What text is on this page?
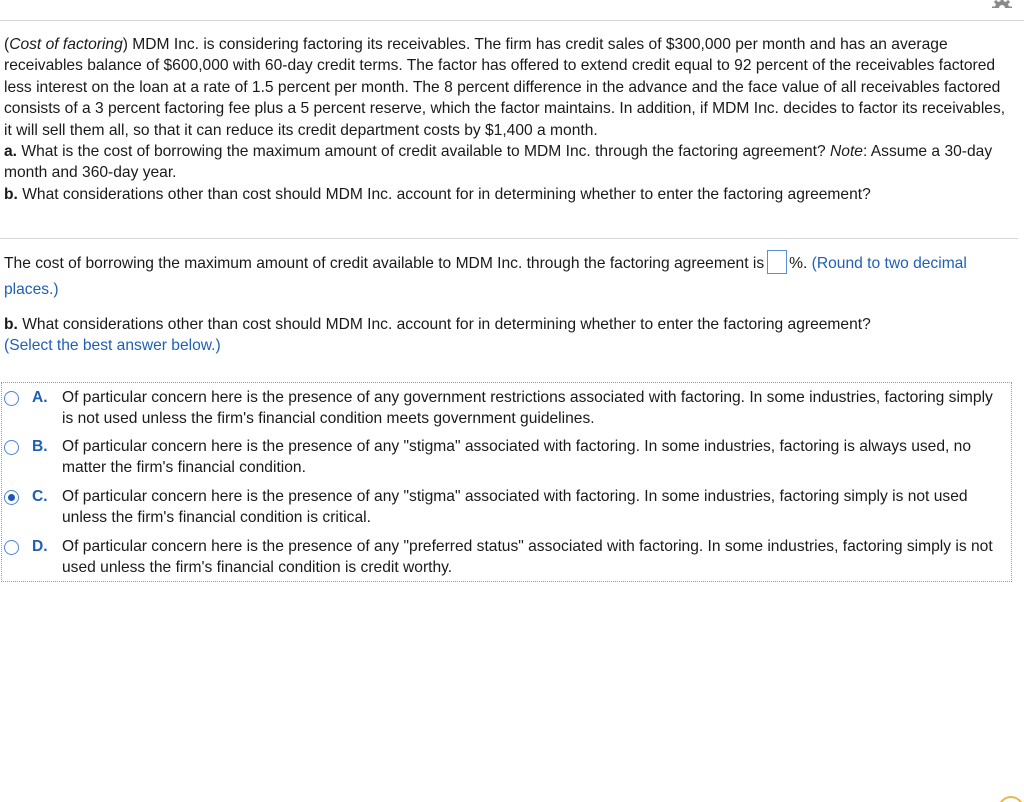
(Cost of factoring) MDM Inc. is considering factoring its receivables. The firm has credit sales of $300,000 per month and has an average receivables balance of $600,000 with 60-day credit terms. The factor has offered to extend credit equal to 92 percent of the receivables factored less interest on the loan at a rate of 1.5 percent per month. The 8 percent difference in the advance and the face value of all receivables factored consists of a 3 percent factoring fee plus a 5 percent reserve, which the factor maintains. In addition, if MDM Inc. decides to factor its receivables, it will sell them all, so that it can reduce its credit department costs by $1,400 a month.

a. What is the cost of borrowing the maximum amount of credit available to MDM Inc. through the factoring agreement? Note: Assume a 30-day month and 360-day year.

b. What considerations other than cost should MDM Inc. account for in determining whether to enter the factoring agreement?

The cost of borrowing the maximum amount of credit available to MDM Inc. through the factoring agreement is %. (Round to two decimal places.)
b. What considerations other than cost should MDM Inc. account for in determining whether to enter the factoring agreement?
(Select the best answer below.)
A. Of particular concern here is the presence of any government restrictions associated with factoring. In some industries, factoring simply is not used unless the firm's financial condition meets government guidelines.
B. Of particular concern here is the presence of any "stigma" associated with factoring. In some industries, factoring is always used, no matter the firm's financial condition.
C. Of particular concern here is the presence of any "stigma" associated with factoring. In some industries, factoring simply is not used unless the firm's financial condition is critical.
D. Of particular concern here is the presence of any "preferred status" associated with factoring. In some industries, factoring simply is not used unless the firm's financial condition is credit worthy.
